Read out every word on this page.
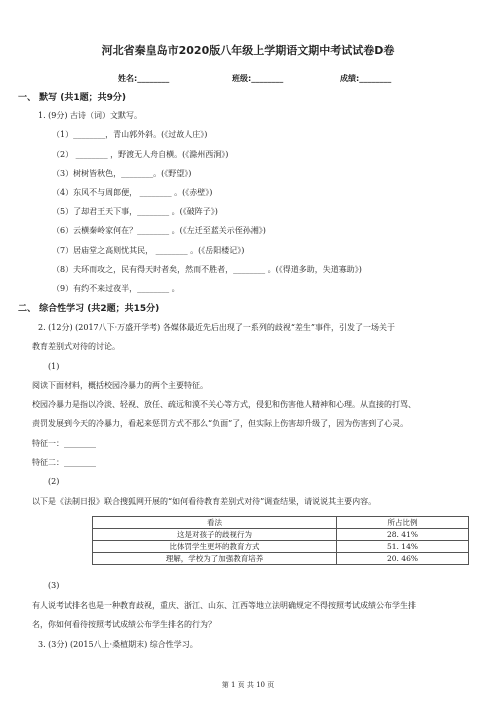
河北省秦皇岛市2020版八年级上学期语文期中考试试卷D卷
姓名:________	班级:________	成绩:________
一、 默写 (共1题；共9分)
1. (9分) 古诗（词）文默写。
（1）________，青山郭外斜。(《过故人庄》)
（2） ________ ，野渡无人舟自横。(《滁州西涧》)
（3）树树皆秋色，________。(《野望》)
（4）东风不与周郎便， ________ 。(《赤壁》)
（5）了却君王天下事，________ 。(《破阵子》)
（6）云横秦岭家何在？________ 。(《左迁至蓝关示侄孙湘》)
（7）居庙堂之高则忧其民， ________ 。(《岳阳楼记》)
（8）夫环而攻之，民有得天时者矣，然而不胜者，________ 。(《得道多助，失道寡助》)
（9）有约不来过夜半，________ 。
二、 综合性学习 (共2题；共15分)
2. (12分) (2017八下·万盛开学考) 各媒体最近先后出现了一系列的歧视“差生”事件，引发了一场关于
教育差别式对待的讨论。
(1)
阅读下面材料，概括校园冷暴力的两个主要特征。
校园冷暴力是指以冷淡、轻视、放任、疏远和漠不关心等方式，侵犯和伤害他人精神和心理。从直接的打骂、
责罚发展到今天的冷暴力，看起来惩罚方式不那么“负面”了，但实际上伤害却升级了，因为伤害到了心灵。
特征一：________
特征二：________
(2)
以下是《法制日报》联合搜狐网开展的“如何看待教育差别式对待”调查结果，请说说其主要内容。
看法	所占比例
这是对孩子的歧视行为	28. 41%
比体罚学生更坏的教育方式	51. 14%
理解，学校为了加强教育培养	20. 46%
(3)
有人说考试排名也是一种教育歧视，重庆、浙江、山东、江西等地立法明确规定不得按照考试成绩公布学生排
名，你如何看待按照考试成绩公布学生排名的行为？
3. (3分) (2015八上·桑植期末) 综合性学习。
第 1 页 共 10 页
